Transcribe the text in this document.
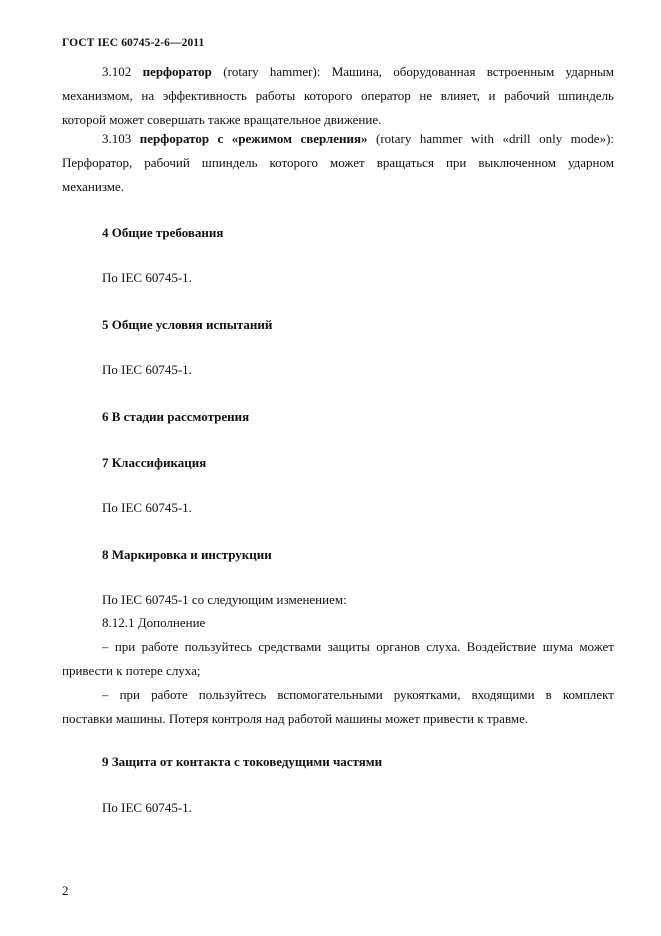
ГОСТ IEC 60745-2-6—2011
3.102 перфоратор (rotary hammer): Машина, оборудованная встроенным ударным
механизмом, на эффективность работы которого оператор не влияет, и рабочий шпиндель
которой может совершать также вращательное движение.
3.103 перфоратор с «режимом сверления» (rotary hammer with «drill only mode»):
Перфоратор, рабочий шпиндель которого может вращаться при выключенном ударном
механизме.
4 Общие требования
По IEC 60745-1.
5 Общие условия испытаний
По IEC 60745-1.
6 В стадии рассмотрения
7 Классификация
По IEC 60745-1.
8 Маркировка и инструкции
По IEC 60745-1 со следующим изменением:
8.12.1 Дополнение
– при работе пользуйтесь средствами защиты органов слуха. Воздействие шума может
привести к потере слуха;
– при работе пользуйтесь вспомогательными рукоятками, входящими в комплект
поставки машины. Потеря контроля над работой машины может привести к травме.
9 Защита от контакта с токоведущими частями
По IEC 60745-1.
2
